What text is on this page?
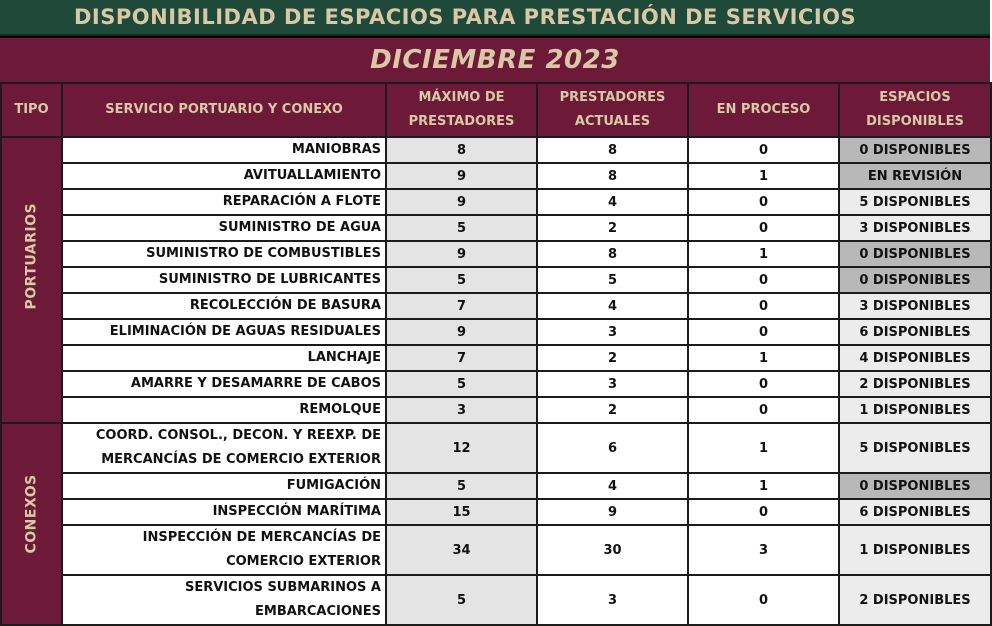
DISPONIBILIDAD DE ESPACIOS PARA PRESTACIÓN DE SERVICIOS
DICIEMBRE 2023
TIPO	SERVICIO PORTUARIO Y CONEXO	MÁXIMO DE PRESTADORES	PRESTADORES ACTUALES	EN PROCESO	ESPACIOS DISPONIBLES

PORTUARIOS	MANIOBRAS	8	8	0	0 DISPONIBLES
	AVITUALLAMIENTO	9	8	1	EN REVISIÓN
	REPARACIÓN A FLOTE	9	4	0	5 DISPONIBLES
	SUMINISTRO DE AGUA	5	2	0	3 DISPONIBLES
	SUMINISTRO DE COMBUSTIBLES	9	8	1	0 DISPONIBLES
	SUMINISTRO DE LUBRICANTES	5	5	0	0 DISPONIBLES
	RECOLECCIÓN DE BASURA	7	4	0	3 DISPONIBLES
	ELIMINACIÓN DE AGUAS RESIDUALES	9	3	0	6 DISPONIBLES
	LANCHAJE	7	2	1	4 DISPONIBLES
	AMARRE Y DESAMARRE DE CABOS	5	3	0	2 DISPONIBLES
	REMOLQUE	3	2	0	1 DISPONIBLES

CONEXOS	COORD. CONSOL., DECON. Y REEXP. DE MERCANCÍAS DE COMERCIO EXTERIOR	12	6	1	5 DISPONIBLES
	FUMIGACIÓN	5	4	1	0 DISPONIBLES
	INSPECCIÓN MARÍTIMA	15	9	0	6 DISPONIBLES
	INSPECCIÓN DE MERCANCÍAS DE COMERCIO EXTERIOR	34	30	3	1 DISPONIBLES
	SERVICIOS SUBMARINOS A EMBARCACIONES	5	3	0	2 DISPONIBLES
